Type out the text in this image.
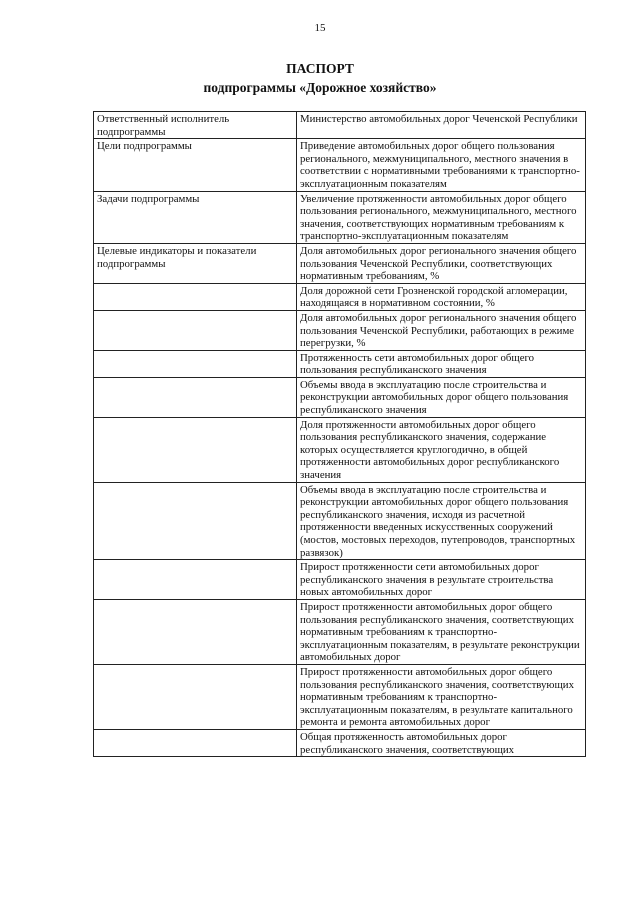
15
ПАСПОРТ
подпрограммы «Дорожное хозяйство»
Ответственный исполнитель подпрограммы	Министерство автомобильных дорог Чеченской Республики
Цели подпрограммы	Приведение автомобильных дорог общего пользования регионального, межмуниципального, местного значения в соответствии с нормативными требованиями к транспортно-эксплуатационным показателям
Задачи подпрограммы	Увеличение протяженности автомобильных дорог общего пользования регионального, межмуниципального, местного значения, соответствующих нормативным требованиям к транспортно-эксплуатационным показателям
Целевые индикаторы и показатели подпрограммы	Доля автомобильных дорог регионального значения общего пользования Чеченской Республики, соответствующих нормативным требованиям, %
	Доля дорожной сети Грозненской городской агломерации, находящаяся в нормативном состоянии, %
	Доля автомобильных дорог регионального значения общего пользования Чеченской Республики, работающих в режиме перегрузки, %
	Протяженность сети автомобильных дорог общего пользования республиканского значения
	Объемы ввода в эксплуатацию после строительства и реконструкции автомобильных дорог общего пользования республиканского значения
	Доля протяженности автомобильных дорог общего пользования республиканского значения, содержание которых осуществляется круглогодично, в общей протяженности автомобильных дорог республиканского значения
	Объемы ввода в эксплуатацию после строительства и реконструкции автомобильных дорог общего пользования республиканского значения, исходя из расчетной протяженности введенных искусственных сооружений (мостов, мостовых переходов, путепроводов, транспортных развязок)
	Прирост протяженности сети автомобильных дорог республиканского значения в результате строительства новых автомобильных дорог
	Прирост протяженности автомобильных дорог общего пользования республиканского значения, соответствующих нормативным требованиям к транспортно-эксплуатационным показателям, в результате реконструкции автомобильных дорог
	Прирост протяженности автомобильных дорог общего пользования республиканского значения, соответствующих нормативным требованиям к транспортно-эксплуатационным показателям, в результате капитального ремонта и ремонта автомобильных дорог
	Общая протяженность автомобильных дорог республиканского значения, соответствующих
